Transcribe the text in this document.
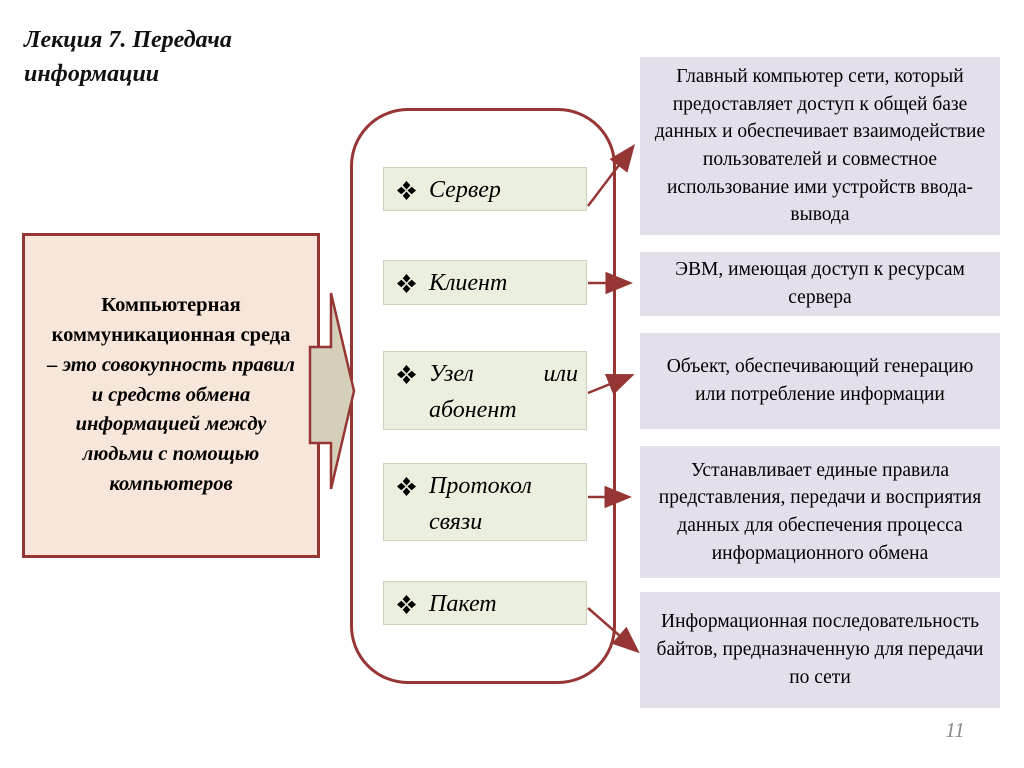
Лекция 7. Передача информации
Компьютерная коммуникационная среда
– это совокупность правил и средств обмена информацией между людьми с помощью компьютеров
Сервер
Клиент
Узел или абонент
Протокол связи
Пакет
Главный компьютер сети, который предоставляет доступ к общей базе данных и обеспечивает взаимодействие пользователей и совместное использование ими устройств ввода-вывода
ЭВМ, имеющая доступ к ресурсам сервера
Объект, обеспечивающий генерацию или потребление информации
Устанавливает единые правила представления, передачи и восприятия данных для обеспечения процесса информационного обмена
Информационная последовательность байтов, предназначенную для передачи по сети
11
